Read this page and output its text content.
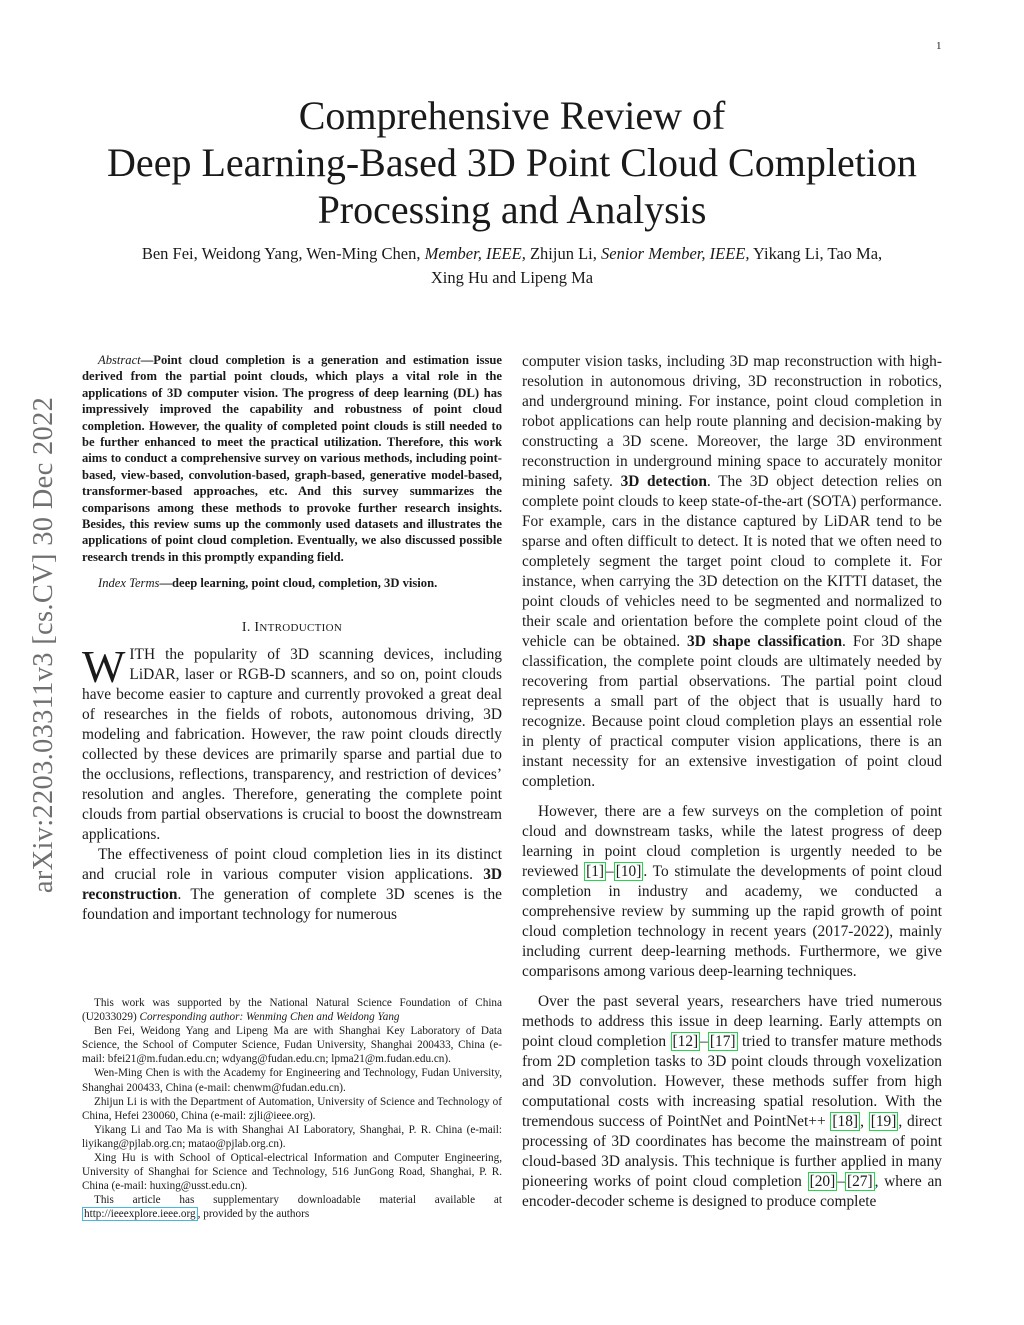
1
arXiv:2203.03311v3 [cs.CV] 30 Dec 2022
Comprehensive Review of
Deep Learning-Based 3D Point Cloud Completion
Processing and Analysis
Ben Fei, Weidong Yang, Wen-Ming Chen, Member, IEEE, Zhijun Li, Senior Member, IEEE, Yikang Li, Tao Ma,
Xing Hu and Lipeng Ma

Abstract—Point cloud completion is a generation and estimation issue derived from the partial point clouds, which plays a vital role in the applications of 3D computer vision. The progress of deep learning (DL) has impressively improved the capability and robustness of point cloud completion. However, the quality of completed point clouds is still needed to be further enhanced to meet the practical utilization. Therefore, this work aims to conduct a comprehensive survey on various methods, including point-based, view-based, convolution-based, graph-based, generative model-based, transformer-based approaches, etc. And this survey summarizes the comparisons among these methods to provoke further research insights. Besides, this review sums up the commonly used datasets and illustrates the applications of point cloud completion. Eventually, we also discussed possible research trends in this promptly expanding field.

Index Terms—deep learning, point cloud, completion, 3D vision.

I. INTRODUCTION

WITH the popularity of 3D scanning devices, including LiDAR, laser or RGB-D scanners, and so on, point clouds have become easier to capture and currently provoked a great deal of researches in the fields of robots, autonomous driving, 3D modeling and fabrication. However, the raw point clouds directly collected by these devices are primarily sparse and partial due to the occlusions, reflections, transparency, and restriction of devices’ resolution and angles. Therefore, generating the complete point clouds from partial observations is crucial to boost the downstream applications.

The effectiveness of point cloud completion lies in its distinct and crucial role in various computer vision applications. 3D reconstruction. The generation of complete 3D scenes is the foundation and important technology for numerous

This work was supported by the National Natural Science Foundation of China (U2033029) Corresponding author: Wenming Chen and Weidong Yang

Ben Fei, Weidong Yang and Lipeng Ma are with Shanghai Key Laboratory of Data Science, the School of Computer Science, Fudan University, Shanghai 200433, China (e-mail: bfei21@m.fudan.edu.cn; wdyang@fudan.edu.cn; lpma21@m.fudan.edu.cn).

Wen-Ming Chen is with the Academy for Engineering and Technology, Fudan University, Shanghai 200433, China (e-mail: chenwm@fudan.edu.cn).

Zhijun Li is with the Department of Automation, University of Science and Technology of China, Hefei 230060, China (e-mail: zjli@ieee.org).

Yikang Li and Tao Ma is with Shanghai AI Laboratory, Shanghai, P. R. China (e-mail: liyikang@pjlab.org.cn; matao@pjlab.org.cn).

Xing Hu is with School of Optical-electrical Information and Computer Engineering, University of Shanghai for Science and Technology, 516 JunGong Road, Shanghai, P. R. China (e-mail: huxing@usst.edu.cn).

This article has supplementary downloadable material available at http://ieeexplore.ieee.org , provided by the authors

computer vision tasks, including 3D map reconstruction with high-resolution in autonomous driving, 3D reconstruction in robotics, and underground mining. For instance, point cloud completion in robot applications can help route planning and decision-making by constructing a 3D scene. Moreover, the large 3D environment reconstruction in underground mining space to accurately monitor mining safety. 3D detection. The 3D object detection relies on complete point clouds to keep state-of-the-art (SOTA) performance. For example, cars in the distance captured by LiDAR tend to be sparse and often difficult to detect. It is noted that we often need to completely segment the target point cloud to complete it. For instance, when carrying the 3D detection on the KITTI dataset, the point clouds of vehicles need to be segmented and normalized to their scale and orientation before the complete point cloud of the vehicle can be obtained. 3D shape classification. For 3D shape classification, the complete point clouds are ultimately needed by recovering from partial observations. The partial point cloud represents a small part of the object that is usually hard to recognize. Because point cloud completion plays an essential role in plenty of practical computer vision applications, there is an instant necessity for an extensive investigation of point cloud completion.

However, there are a few surveys on the completion of point cloud and downstream tasks, while the latest progress of deep learning in point cloud completion is urgently needed to be reviewed [1] – [10] . To stimulate the developments of point cloud completion in industry and academy, we conducted a comprehensive review by summing up the rapid growth of point cloud completion technology in recent years (2017-2022), mainly including current deep-learning methods. Furthermore, we give comparisons among various deep-learning techniques.

Over the past several years, researchers have tried numerous methods to address this issue in deep learning. Early attempts on point cloud completion [12] – [17] tried to transfer mature methods from 2D completion tasks to 3D point clouds through voxelization and 3D convolution. However, these methods suffer from high computational costs with increasing spatial resolution. With the tremendous success of PointNet and PointNet++ [18] , [19] , direct processing of 3D coordinates has become the mainstream of point cloud-based 3D analysis. This technique is further applied in many pioneering works of point cloud completion [20] – [27] , where an encoder-decoder scheme is designed to produce complete
